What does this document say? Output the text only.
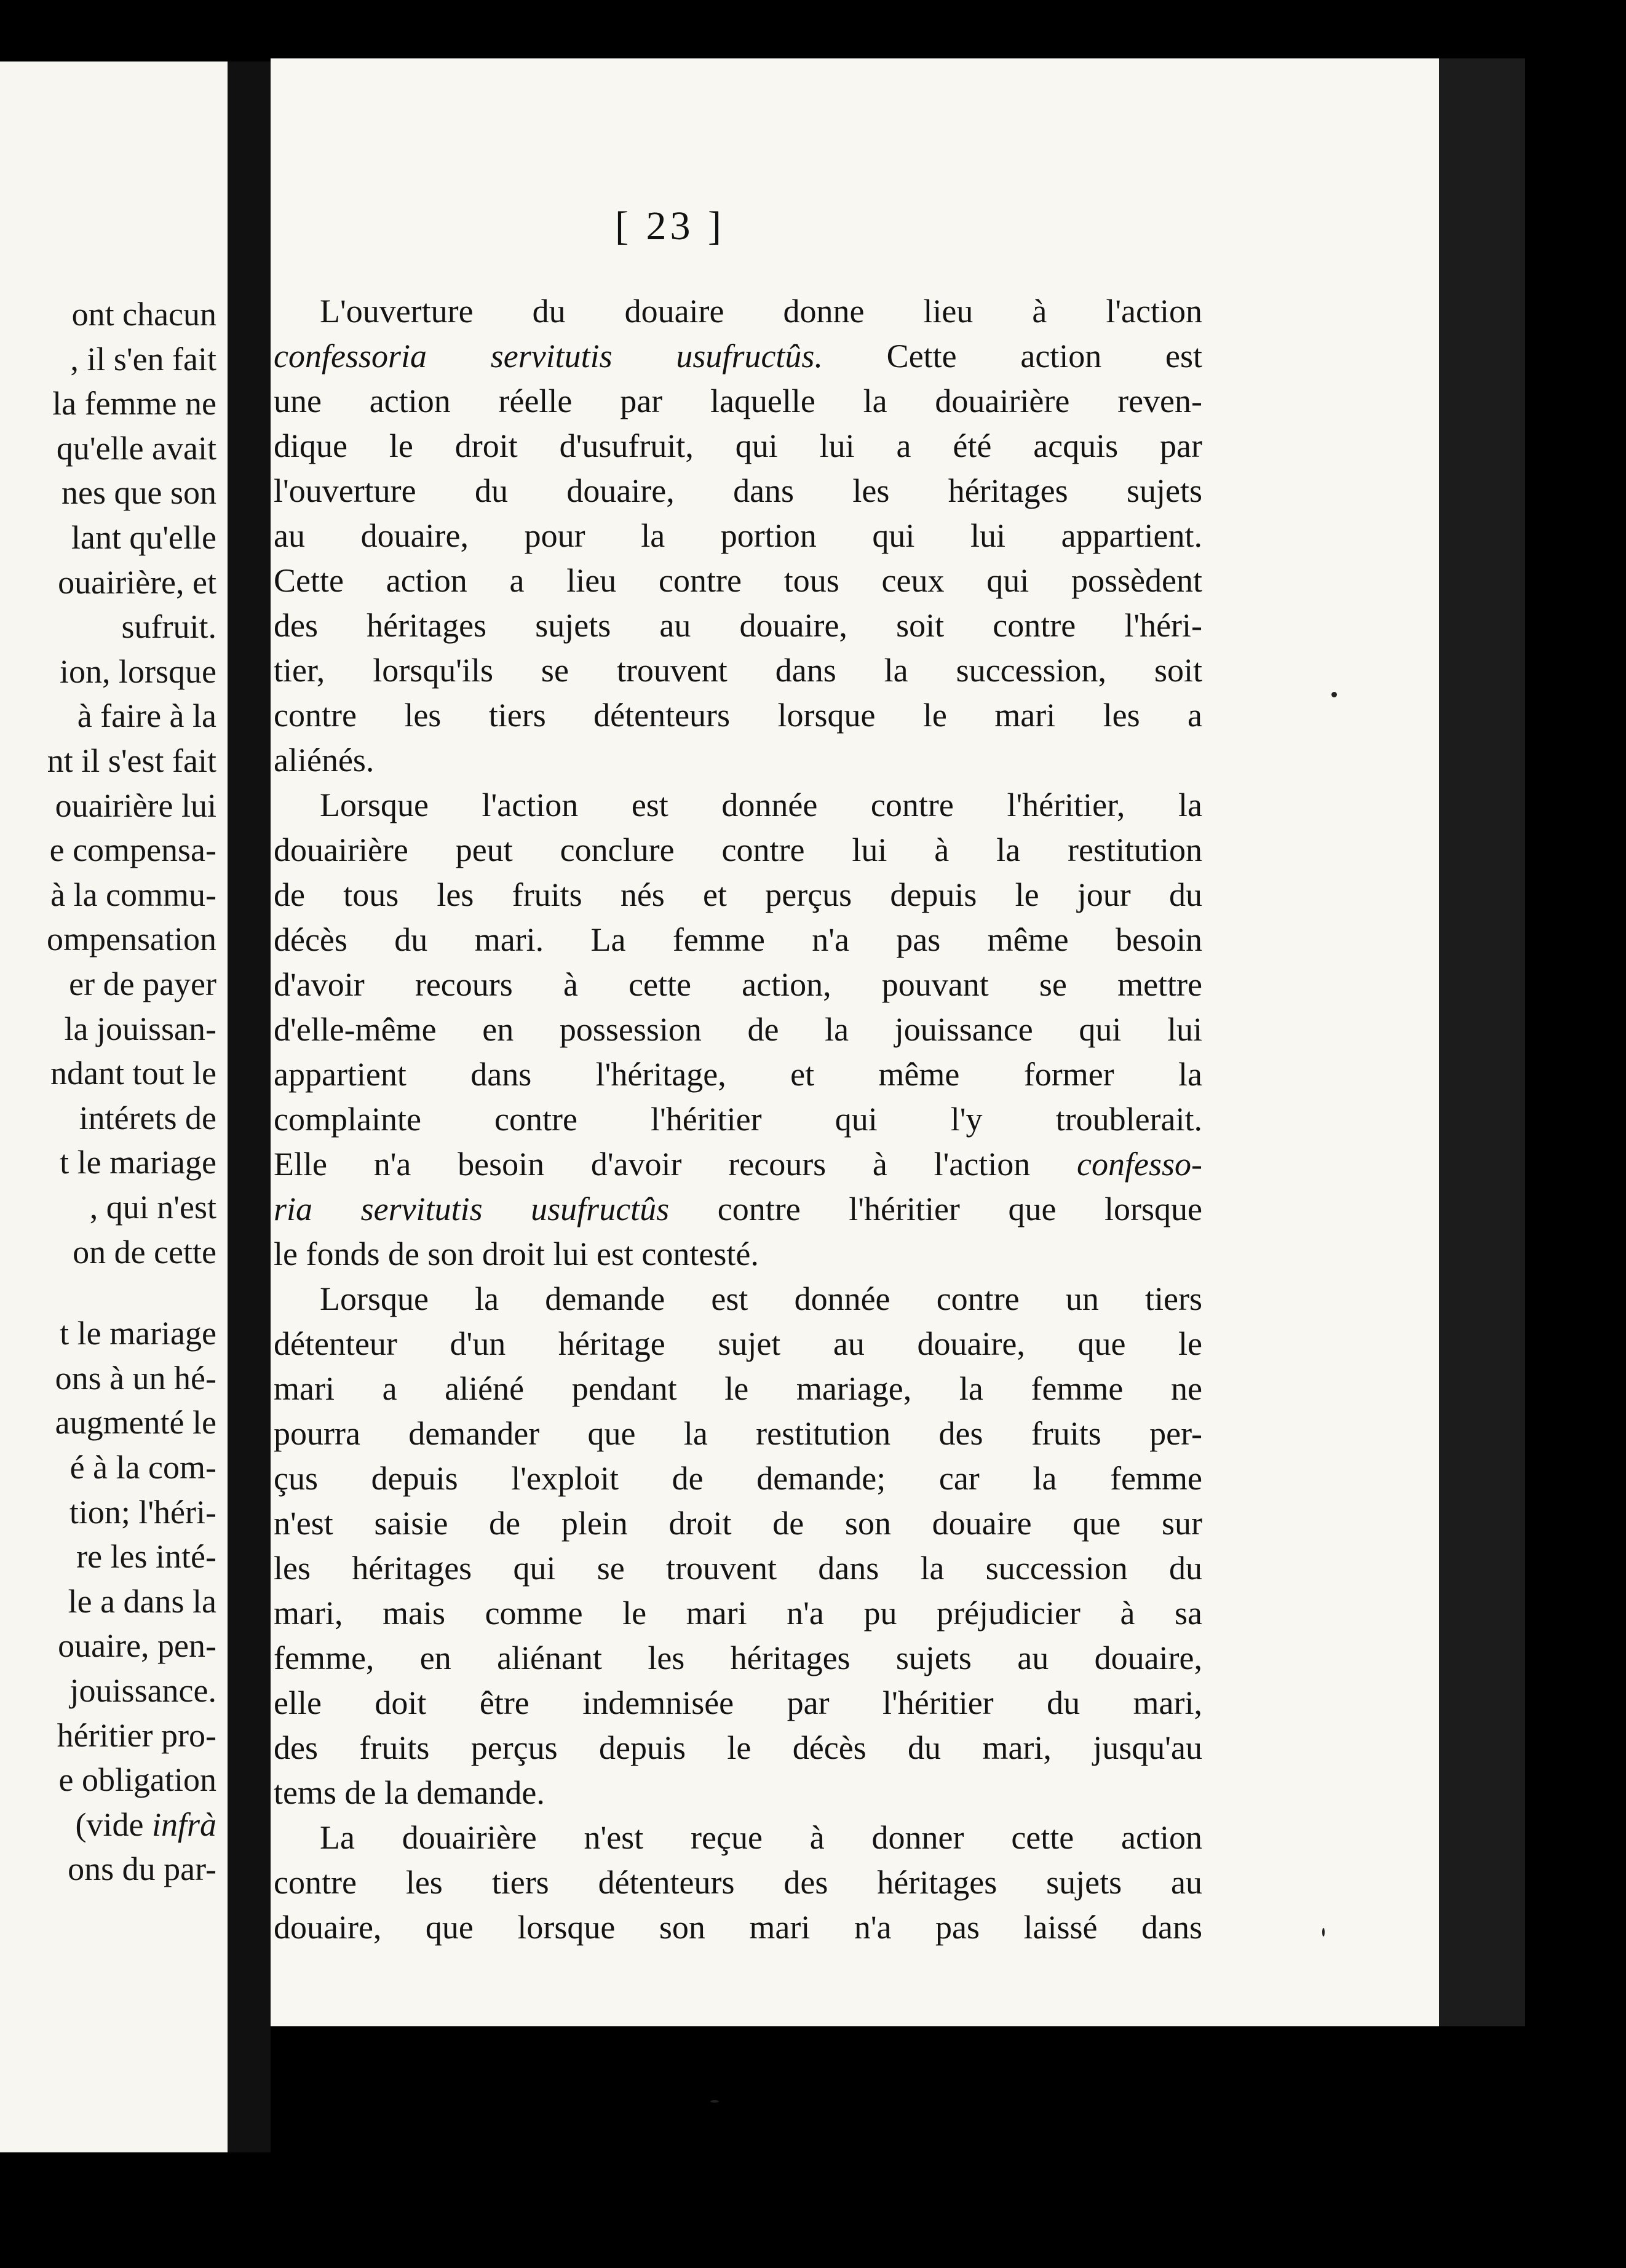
ont chacun
, il s'en fait
la femme ne
qu'elle avait
nes que son
lant qu'elle
ouairière, et
sufruit.
ion, lorsque
à faire à la
nt il s'est fait
ouairière lui
e compensa-
à la commu-
ompensation
er de payer
la jouissan-
ndant tout le
intérets de
t le mariage
, qui n'est
on de cette
t le mariage
ons à un hé-
augmenté le
é à la com-
tion; l'héri-
re les inté-
le a dans la
ouaire, pen-
jouissance.
héritier pro-
e obligation
(vide infrà
ons du par-
[ 23 ]
L'ouverture du douaire donne lieu à l'action
confessoria servitutis usufructûs. Cette action est
une action réelle par laquelle la douairière reven-
dique le droit d'usufruit, qui lui a été acquis par
l'ouverture du douaire, dans les héritages sujets
au douaire, pour la portion qui lui appartient.
Cette action a lieu contre tous ceux qui possèdent
des héritages sujets au douaire, soit contre l'héri-
tier, lorsqu'ils se trouvent dans la succession, soit
contre les tiers détenteurs lorsque le mari les a
aliénés.
Lorsque l'action est donnée contre l'héritier, la
douairière peut conclure contre lui à la restitution
de tous les fruits nés et perçus depuis le jour du
décès du mari. La femme n'a pas même besoin
d'avoir recours à cette action, pouvant se mettre
d'elle-même en possession de la jouissance qui lui
appartient dans l'héritage, et même former la
complainte contre l'héritier qui l'y troublerait.
Elle n'a besoin d'avoir recours à l'action confesso-
ria servitutis usufructûs contre l'héritier que lorsque
le fonds de son droit lui est contesté.
Lorsque la demande est donnée contre un tiers
détenteur d'un héritage sujet au douaire, que le
mari a aliéné pendant le mariage, la femme ne
pourra demander que la restitution des fruits per-
çus depuis l'exploit de demande; car la femme
n'est saisie de plein droit de son douaire que sur
les héritages qui se trouvent dans la succession du
mari, mais comme le mari n'a pu préjudicier à sa
femme, en aliénant les héritages sujets au douaire,
elle doit être indemnisée par l'héritier du mari,
des fruits perçus depuis le décès du mari, jusqu'au
tems de la demande.
La douairière n'est reçue à donner cette action
contre les tiers détenteurs des héritages sujets au
douaire, que lorsque son mari n'a pas laissé dans
